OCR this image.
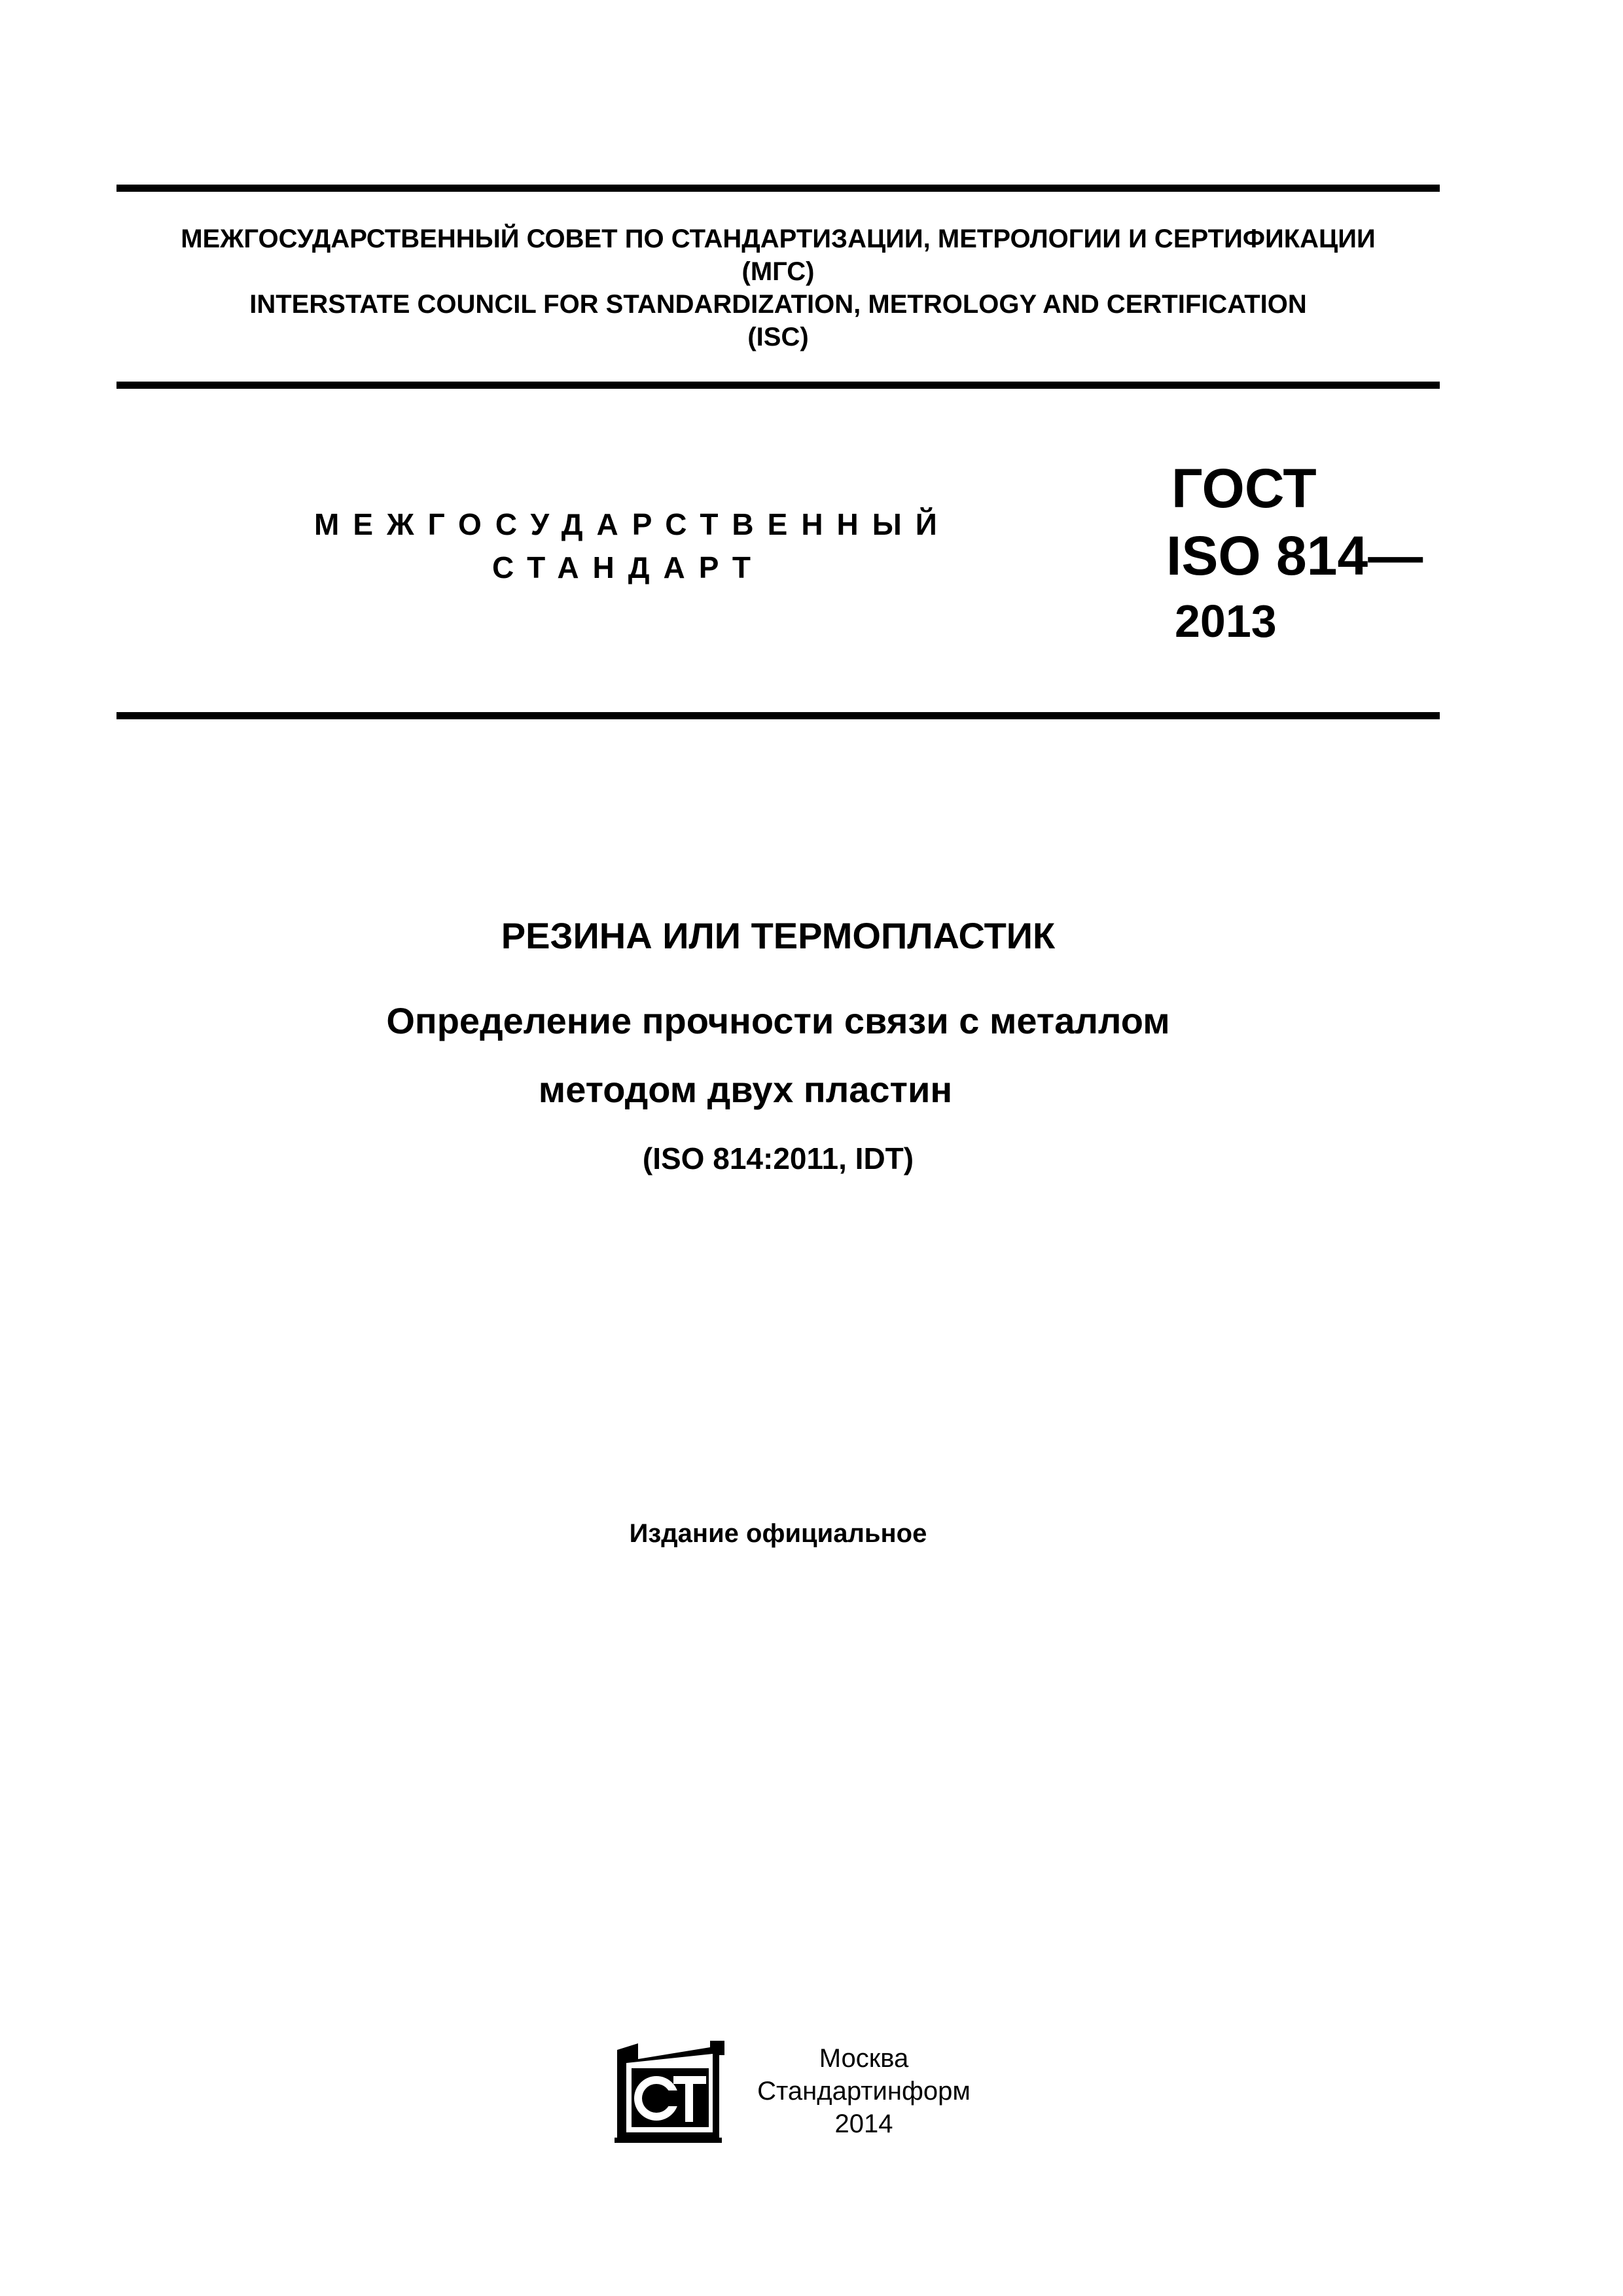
МЕЖГОСУДАРСТВЕННЫЙ СОВЕТ ПО СТАНДАРТИЗАЦИИ, МЕТРОЛОГИИ И СЕРТИФИКАЦИИ
(МГС)
INTERSTATE COUNCIL FOR STANDARDIZATION, METROLOGY AND CERTIFICATION
(ISC)
МЕЖГОСУДАРСТВЕННЫЙ
СТАНДАРТ
ГОСТ
ISO 814—
2013
РЕЗИНА ИЛИ ТЕРМОПЛАСТИК
Определение прочности связи с металлом
методом двух пластин
(ISO 814:2011, IDT)
Издание официальное
Москва
Стандартинформ
2014
